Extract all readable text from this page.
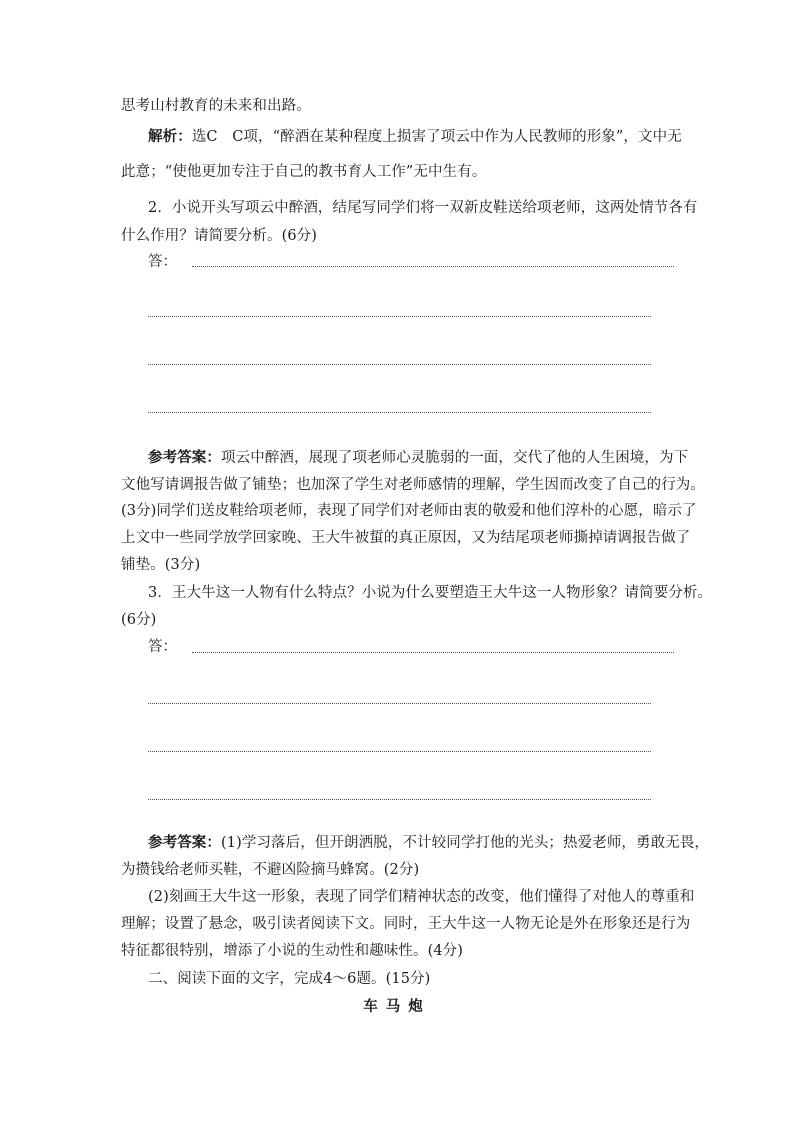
思考山村教育的未来和出路。
解析：选C　C项，“醉酒在某种程度上损害了项云中作为人民教师的形象”，文中无
此意；“使他更加专注于自己的教书育人工作”无中生有。
2．小说开头写项云中醉酒，结尾写同学们将一双新皮鞋送给项老师，这两处情节各有
什么作用？请简要分析。(6分)
答：
参考答案：项云中醉酒，展现了项老师心灵脆弱的一面，交代了他的人生困境，为下
文他写请调报告做了铺垫；也加深了学生对老师感情的理解，学生因而改变了自己的行为。
(3分)同学们送皮鞋给项老师，表现了同学们对老师由衷的敬爱和他们淳朴的心愿，暗示了
上文中一些同学放学回家晚、王大牛被蜇的真正原因，又为结尾项老师撕掉请调报告做了
铺垫。(3分)
3．王大牛这一人物有什么特点？小说为什么要塑造王大牛这一人物形象？请简要分析。
(6分)
答：
参考答案：(1)学习落后，但开朗洒脱，不计较同学打他的光头；热爱老师，勇敢无畏，
为攒钱给老师买鞋，不避凶险摘马蜂窝。(2分)
(2)刻画王大牛这一形象，表现了同学们精神状态的改变，他们懂得了对他人的尊重和
理解；设置了悬念，吸引读者阅读下文。同时，王大牛这一人物无论是外在形象还是行为
特征都很特别，增添了小说的生动性和趣味性。(4分)
二、阅读下面的文字，完成4～6题。(15分)
车马炮
